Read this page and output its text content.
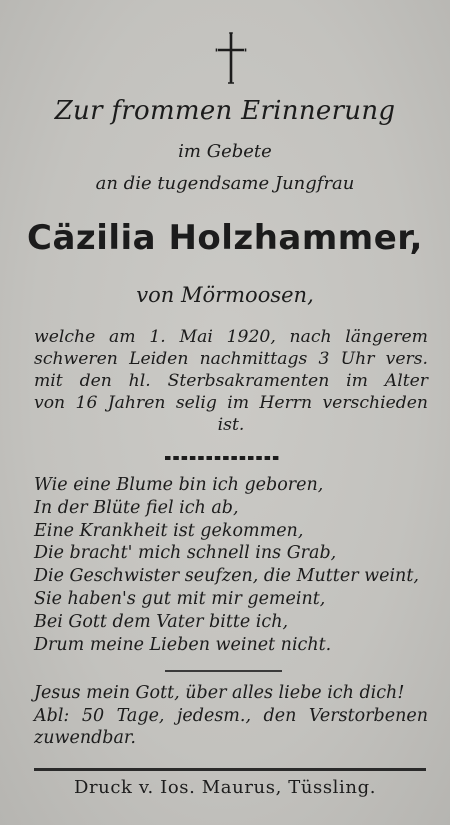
Zur frommen Erinnerung
im Gebete
an die tugendsame Jungfrau
Cäzilia Holzhammer,
von Mörmoosen,
welche am 1. Mai 1920, nach längerem
schweren Leiden nachmittags 3 Uhr vers.
mit den hl. Sterbsakramenten im Alter
von 16 Jahren selig im Herrn verschieden
ist.
Wie eine Blume bin ich geboren,
In der Blüte fiel ich ab,
Eine Krankheit ist gekommen,
Die bracht' mich schnell ins Grab,
Die Geschwister seufzen, die Mutter weint,
Sie haben's gut mit mir gemeint,
Bei Gott dem Vater bitte ich,
Drum meine Lieben weinet nicht.
Jesus mein Gott, über alles liebe ich dich!
Abl: 50 Tage, jedesm., den Verstorbenen
zuwendbar.
Druck v. Ios. Maurus, Tüssling.
